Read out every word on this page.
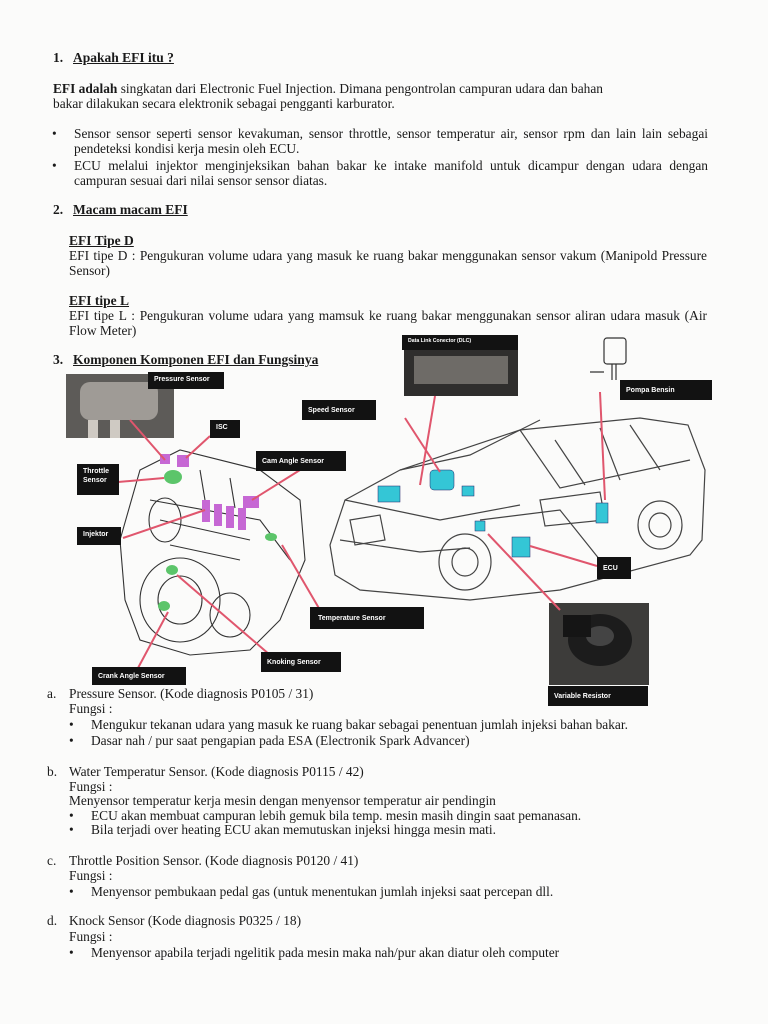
1. Apakah EFI itu ?
EFI adalah singkatan dari Electronic Fuel Injection. Dimana pengontrolan campuran udara dan bahan
bakar dilakukan secara elektronik sebagai pengganti karburator.
• Sensor sensor seperti sensor kevakuman, sensor throttle, sensor temperatur air, sensor rpm dan lain lain sebagai pendeteksi kondisi kerja mesin oleh ECU.
• ECU melalui injektor menginjeksikan bahan bakar ke intake manifold untuk dicampur dengan udara dengan campuran sesuai dari nilai sensor sensor diatas.
2. Macam macam EFI
EFI Tipe D
EFI tipe D : Pengukuran volume udara yang masuk ke ruang bakar menggunakan sensor vakum (Manipold Pressure Sensor)
EFI tipe L
EFI tipe L : Pengukuran volume udara yang mamsuk ke ruang bakar menggunakan sensor aliran udara masuk (Air Flow Meter)
3. Komponen Komponen EFI dan Fungsinya
Pressure Sensor
ISC
Throttle Sensor
Cam Angle Sensor
Speed Sensor
Data Link Conector (DLC)
Pompa Bensin
Injektor
ECU
Temperature Sensor
Knoking Sensor
Crank Angle Sensor
Variable Resistor
a. Pressure Sensor. (Kode diagnosis P0105 / 31)
Fungsi :
• Mengukur tekanan udara yang masuk ke ruang bakar sebagai penentuan jumlah injeksi bahan bakar.
• Dasar nah / pur saat pengapian pada ESA (Electronik Spark Advancer)
b. Water Temperatur Sensor. (Kode diagnosis P0115 / 42)
Fungsi :
Menyensor temperatur kerja mesin dengan menyensor temperatur air pendingin
• ECU akan membuat campuran lebih gemuk bila temp. mesin masih dingin saat pemanasan.
• Bila terjadi over heating ECU akan memutuskan injeksi hingga mesin mati.
c. Throttle Position Sensor. (Kode diagnosis P0120 / 41)
Fungsi :
• Menyensor pembukaan pedal gas (untuk menentukan jumlah injeksi saat percepan dll.
d. Knock Sensor (Kode diagnosis P0325 / 18)
Fungsi :
• Menyensor apabila terjadi ngelitik pada mesin maka nah/pur akan diatur oleh computer
